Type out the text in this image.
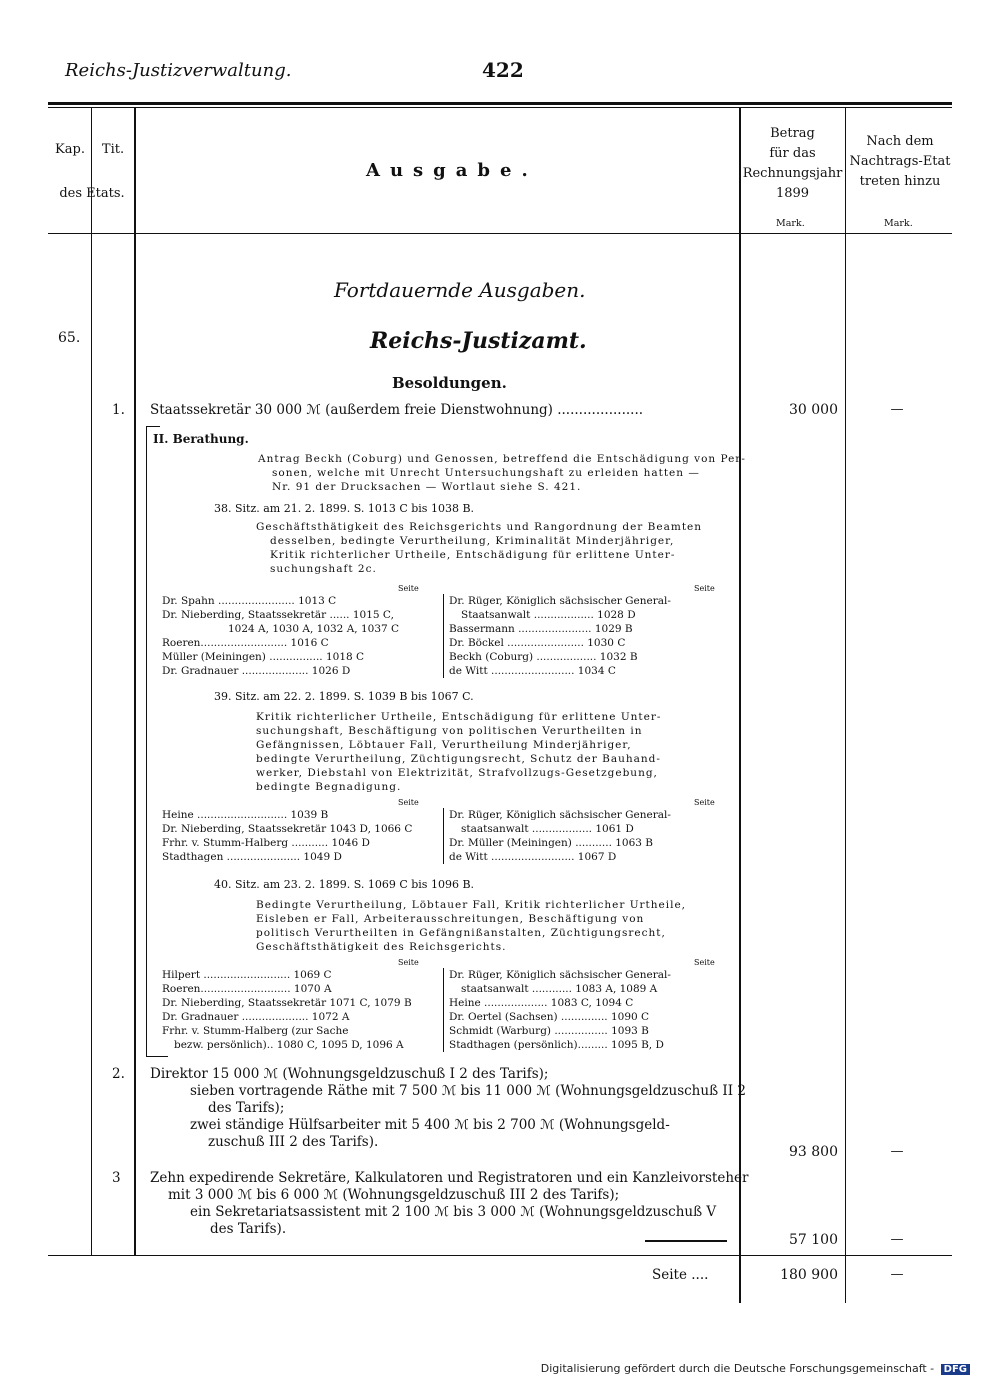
Reichs-Justizverwaltung.	422
Kap.	Tit.
des Etats.
Ausgabe.
Betrag
für das
Rechnungsjahr
1899
Mark.
Nach dem
Nachtrags-Etat
treten hinzu
Mark.
Fortdauernde Ausgaben.
65.	Reichs-Justizamt.
Besoldungen.
1. Staatssekretär 30 000 ℳ (außerdem freie Dienstwohnung) ....................	30 000	—
II. Berathung.
Antrag Beckh (Coburg) und Genossen, betreffend die Entschädigung von Per-
sonen, welche mit Unrecht Untersuchungshaft zu erleiden hatten —
Nr. 91 der Drucksachen — Wortlaut siehe S. 421.
38. Sitz. am 21. 2. 1899. S. 1013 C bis 1038 B.
Geschäftsthätigkeit des Reichsgerichts und Rangordnung der Beamten
desselben, bedingte Verurtheilung, Kriminalität Minderjähriger,
Kritik richterlicher Urtheile, Entschädigung für erlittene Unter-
suchungshaft 2c.
Seite	Seite
Dr. Spahn ....................... 1013 C
Dr. Nieberding, Staatssekretär ...... 1015 C,
1024 A, 1030 A, 1032 A, 1037 C
Roeren.......................... 1016 C
Müller (Meiningen) ................ 1018 C
Dr. Gradnauer .................... 1026 D
Dr. Rüger, Königlich sächsischer General-
Staatsanwalt .................. 1028 D
Bassermann ...................... 1029 B
Dr. Böckel ....................... 1030 C
Beckh (Coburg) .................. 1032 B
de Witt ......................... 1034 C
39. Sitz. am 22. 2. 1899. S. 1039 B bis 1067 C.
Kritik richterlicher Urtheile, Entschädigung für erlittene Unter-
suchungshaft, Beschäftigung von politischen Verurtheilten in
Gefängnissen, Löbtauer Fall, Verurtheilung Minderjähriger,
bedingte Verurtheilung, Züchtigungsrecht, Schutz der Bauhand-
werker, Diebstahl von Elektrizität, Strafvollzugs-Gesetzgebung,
bedingte Begnadigung.
Seite	Seite
Heine ........................... 1039 B
Dr. Nieberding, Staatssekretär 1043 D, 1066 C
Frhr. v. Stumm-Halberg ........... 1046 D
Stadthagen ...................... 1049 D
Dr. Rüger, Königlich sächsischer General-
staatsanwalt .................. 1061 D
Dr. Müller (Meiningen) ........... 1063 B
de Witt ......................... 1067 D
40. Sitz. am 23. 2. 1899. S. 1069 C bis 1096 B.
Bedingte Verurtheilung, Löbtauer Fall, Kritik richterlicher Urtheile,
Eisleben er Fall, Arbeiterausschreitungen, Beschäftigung von
politisch Verurtheilten in Gefängnißanstalten, Züchtigungsrecht,
Geschäftsthätigkeit des Reichsgerichts.
Seite	Seite
Hilpert .......................... 1069 C
Roeren........................... 1070 A
Dr. Nieberding, Staatssekretär 1071 C, 1079 B
Dr. Gradnauer .................... 1072 A
Frhr. v. Stumm-Halberg (zur Sache
bezw. persönlich).. 1080 C, 1095 D, 1096 A
Dr. Rüger, Königlich sächsischer General-
staatsanwalt ............ 1083 A, 1089 A
Heine ................... 1083 C, 1094 C
Dr. Oertel (Sachsen) .............. 1090 C
Schmidt (Warburg) ................ 1093 B
Stadthagen (persönlich)......... 1095 B, D
2. Direktor 15 000 ℳ (Wohnungsgeldzuschuß I 2 des Tarifs);
sieben vortragende Räthe mit 7 500 ℳ bis 11 000 ℳ (Wohnungsgeldzuschuß II 2
des Tarifs);
zwei ständige Hülfsarbeiter mit 5 400 ℳ bis 2 700 ℳ (Wohnungsgeld-
zuschuß III 2 des Tarifs).
93 800	—
3 Zehn expedirende Sekretäre, Kalkulatoren und Registratoren und ein Kanzleivorsteher
mit 3 000 ℳ bis 6 000 ℳ (Wohnungsgeldzuschuß III 2 des Tarifs);
ein Sekretariatsassistent mit 2 100 ℳ bis 3 000 ℳ (Wohnungsgeldzuschuß V
des Tarifs).
57 100	—
Seite ....	180 900	—
Digitalisierung gefördert durch die Deutsche Forschungsgemeinschaft - DFG
